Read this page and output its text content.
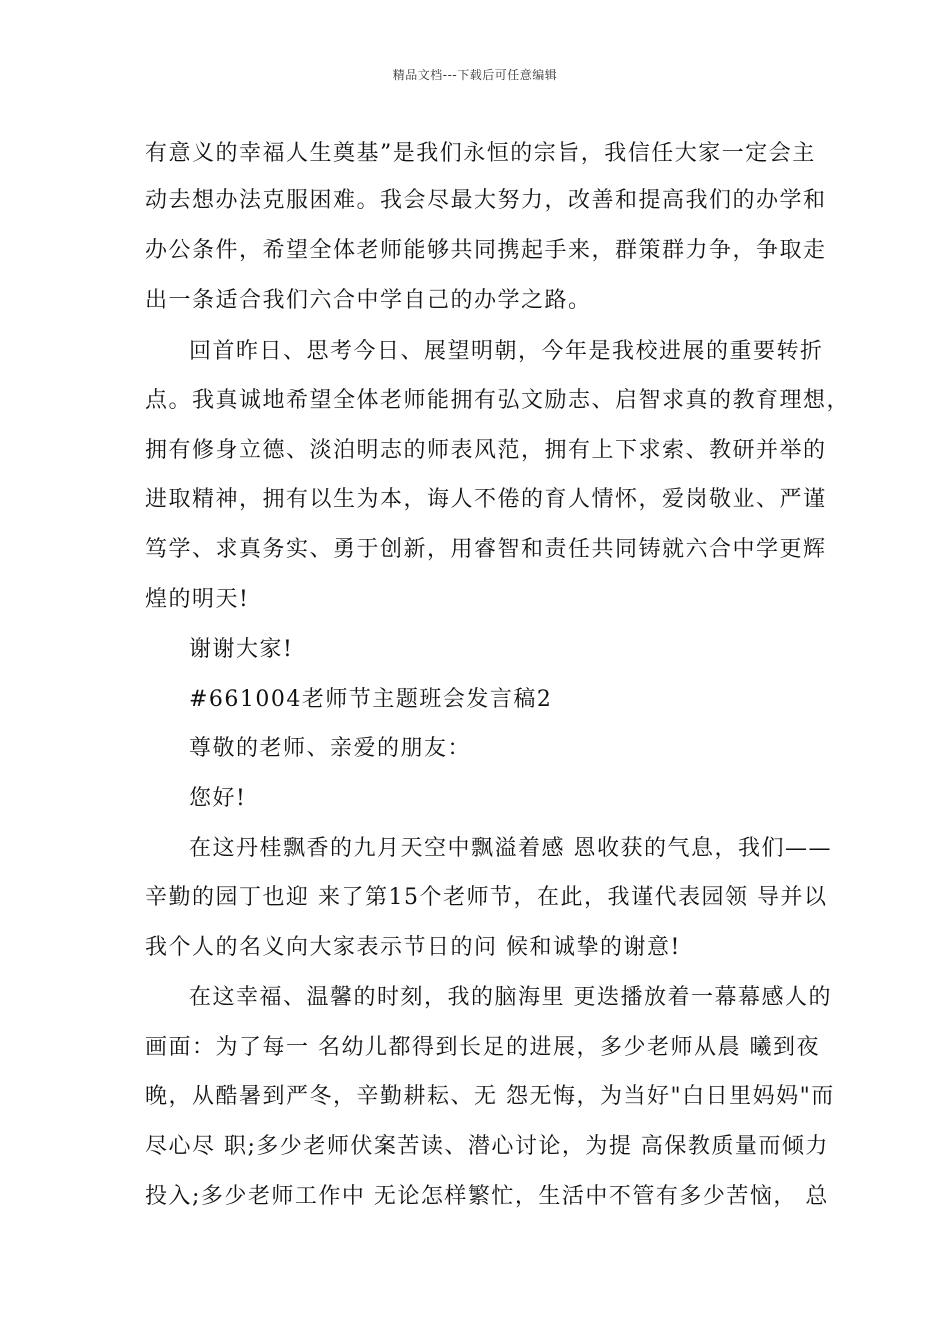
精品文档---下载后可任意编辑
有意义的幸福人生奠基”是我们永恒的宗旨，我信任大家一定会主
动去想办法克服困难。我会尽最大努力，改善和提高我们的办学和
办公条件，希望全体老师能够共同携起手来，群策群力争，争取走
出一条适合我们六合中学自己的办学之路。
回首昨日、思考今日、展望明朝，今年是我校进展的重要转折
点。我真诚地希望全体老师能拥有弘文励志、启智求真的教育理想，
拥有修身立德、淡泊明志的师表风范，拥有上下求索、教研并举的
进取精神，拥有以生为本，诲人不倦的育人情怀，爱岗敬业、严谨
笃学、求真务实、勇于创新，用睿智和责任共同铸就六合中学更辉
煌的明天!
谢谢大家!
#661004老师节主题班会发言稿2
尊敬的老师、亲爱的朋友：
您好!
在这丹桂飘香的九月天空中飘溢着感 恩收获的气息，我们——
辛勤的园丁也迎 来了第15个老师节，在此，我谨代表园领 导并以
我个人的名义向大家表示节日的问 候和诚挚的谢意!
在这幸福、温馨的时刻，我的脑海里 更迭播放着一幕幕感人的
画面：为了每一 名幼儿都得到长足的进展，多少老师从晨 曦到夜
晚，从酷暑到严冬，辛勤耕耘、无 怨无悔，为当好"白日里妈妈"而
尽心尽 职;多少老师伏案苦读、潜心讨论，为提 高保教质量而倾力
投入;多少老师工作中 无论怎样繁忙，生活中不管有多少苦恼， 总
